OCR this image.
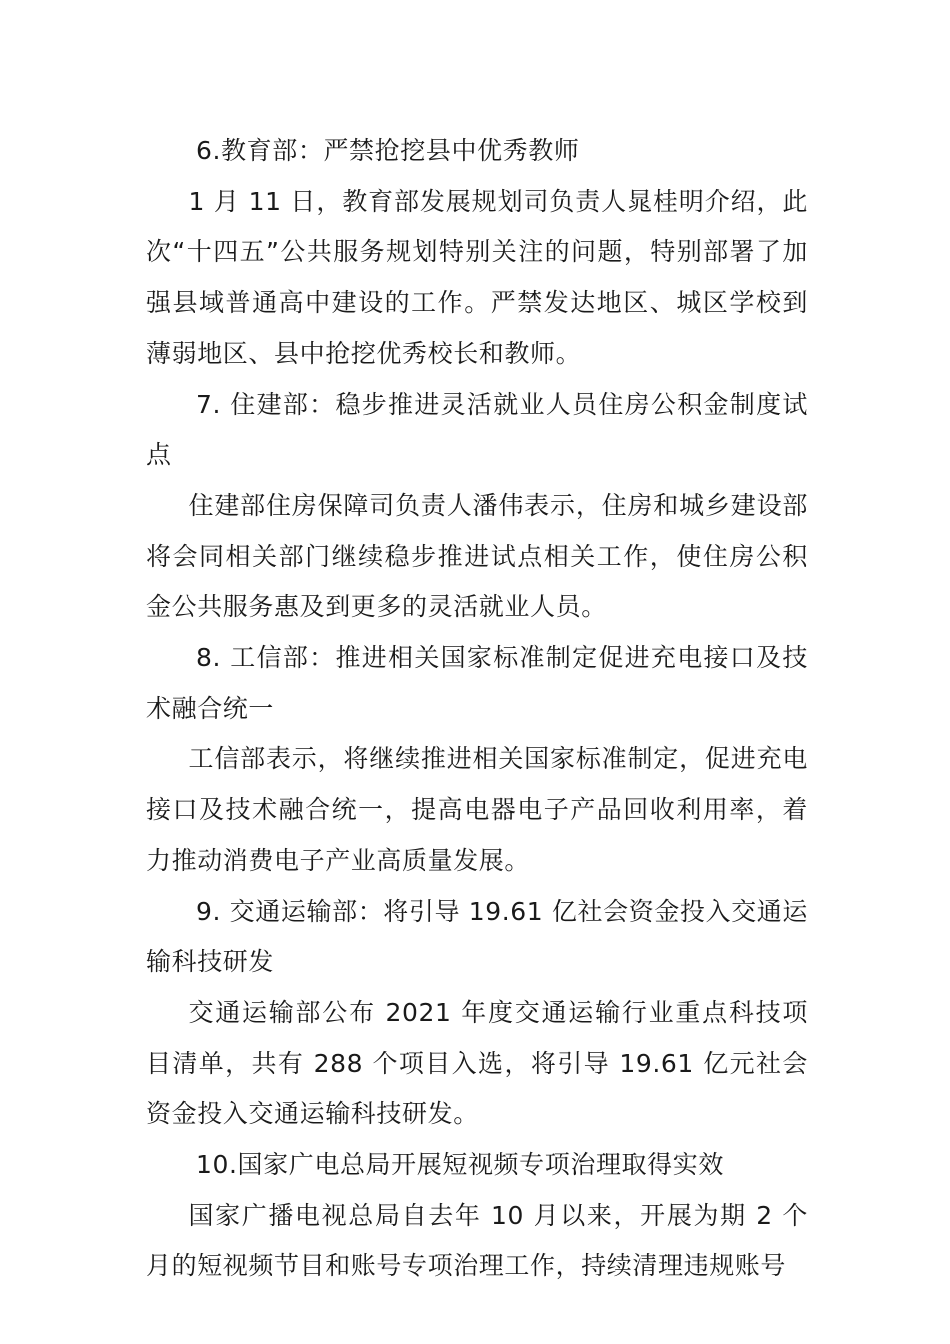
6.教育部：严禁抢挖县中优秀教师

1 月 11 日，教育部发展规划司负责人晁桂明介绍，此次“十四五”公共服务规划特别关注的问题，特别部署了加强县域普通高中建设的工作。严禁发达地区、城区学校到薄弱地区、县中抢挖优秀校长和教师。

7. 住建部：稳步推进灵活就业人员住房公积金制度试点

住建部住房保障司负责人潘伟表示，住房和城乡建设部将会同相关部门继续稳步推进试点相关工作，使住房公积金公共服务惠及到更多的灵活就业人员。

8. 工信部：推进相关国家标准制定促进充电接口及技术融合统一

工信部表示，将继续推进相关国家标准制定，促进充电接口及技术融合统一，提高电器电子产品回收利用率，着力推动消费电子产业高质量发展。

9. 交通运输部：将引导 19.61 亿社会资金投入交通运输科技研发

交通运输部公布 2021 年度交通运输行业重点科技项目清单，共有 288 个项目入选，将引导 19.61 亿元社会资金投入交通运输科技研发。

10.国家广电总局开展短视频专项治理取得实效

国家广播电视总局自去年 10 月以来，开展为期 2 个月的短视频节目和账号专项治理工作，持续清理违规账号
